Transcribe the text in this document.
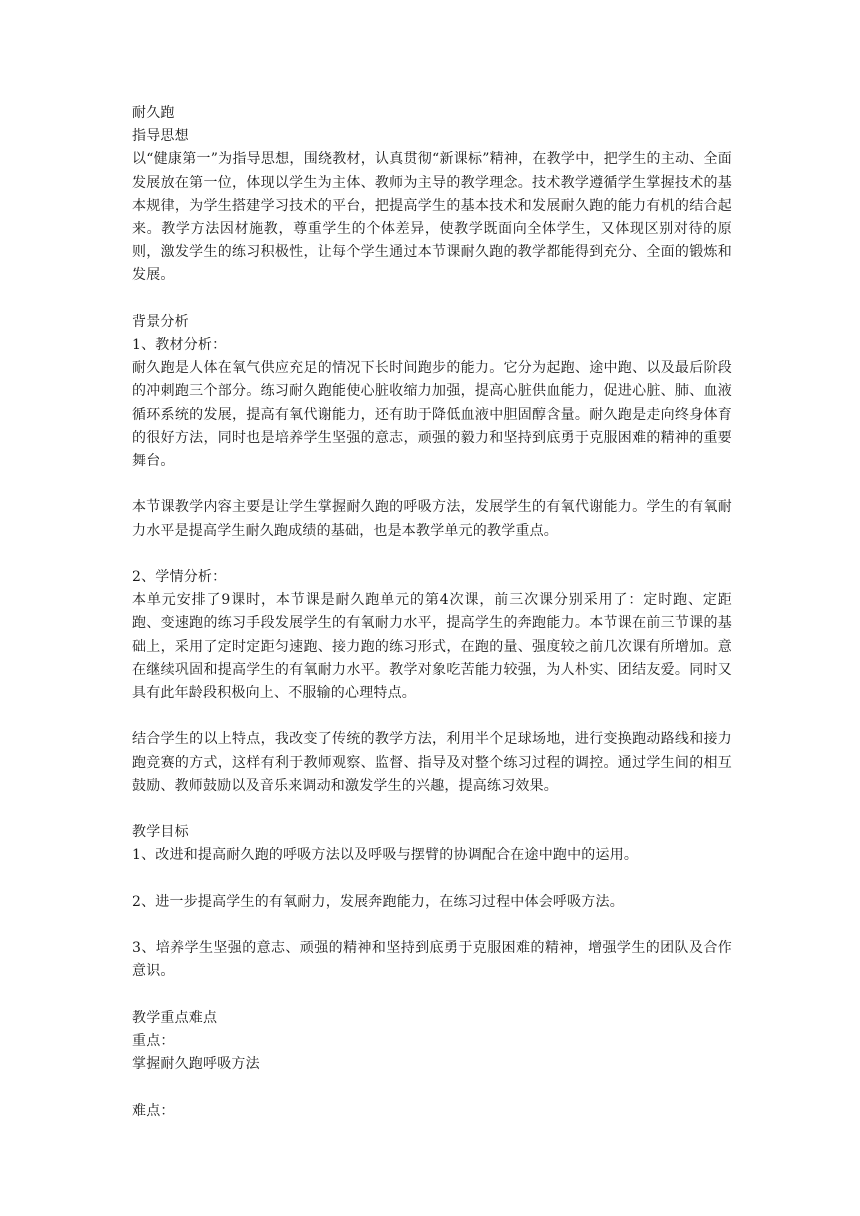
耐久跑

指导思想

以“健康第一”为指导思想，围绕教材，认真贯彻“新课标”精神，在教学中，把学生的主动、全面发展放在第一位，体现以学生为主体、教师为主导的教学理念。技术教学遵循学生掌握技术的基本规律，为学生搭建学习技术的平台，把提高学生的基本技术和发展耐久跑的能力有机的结合起来。教学方法因材施教，尊重学生的个体差异，使教学既面向全体学生，又体现区别对待的原则，激发学生的练习积极性，让每个学生通过本节课耐久跑的教学都能得到充分、全面的锻炼和发展。

背景分析

1、教材分析：

耐久跑是人体在氧气供应充足的情况下长时间跑步的能力。它分为起跑、途中跑、以及最后阶段的冲刺跑三个部分。练习耐久跑能使心脏收缩力加强，提高心脏供血能力，促进心脏、肺、血液循环系统的发展，提高有氧代谢能力，还有助于降低血液中胆固醇含量。耐久跑是走向终身体育的很好方法，同时也是培养学生坚强的意志，顽强的毅力和坚持到底勇于克服困难的精神的重要舞台。

本节课教学内容主要是让学生掌握耐久跑的呼吸方法，发展学生的有氧代谢能力。学生的有氧耐力水平是提高学生耐久跑成绩的基础，也是本教学单元的教学重点。

2、学情分析：

本单元安排了9课时，本节课是耐久跑单元的第4次课，前三次课分别采用了：定时跑、定距跑、变速跑的练习手段发展学生的有氧耐力水平，提高学生的奔跑能力。本节课在前三节课的基础上，采用了定时定距匀速跑、接力跑的练习形式，在跑的量、强度较之前几次课有所增加。意在继续巩固和提高学生的有氧耐力水平。教学对象吃苦能力较强，为人朴实、团结友爱。同时又具有此年龄段积极向上、不服输的心理特点。

结合学生的以上特点，我改变了传统的教学方法，利用半个足球场地，进行变换跑动路线和接力跑竞赛的方式，这样有利于教师观察、监督、指导及对整个练习过程的调控。通过学生间的相互鼓励、教师鼓励以及音乐来调动和激发学生的兴趣，提高练习效果。

教学目标

1、改进和提高耐久跑的呼吸方法以及呼吸与摆臂的协调配合在途中跑中的运用。

2、进一步提高学生的有氧耐力，发展奔跑能力，在练习过程中体会呼吸方法。

3、培养学生坚强的意志、顽强的精神和坚持到底勇于克服困难的精神，增强学生的团队及合作意识。

教学重点难点

重点：

掌握耐久跑呼吸方法

难点：
